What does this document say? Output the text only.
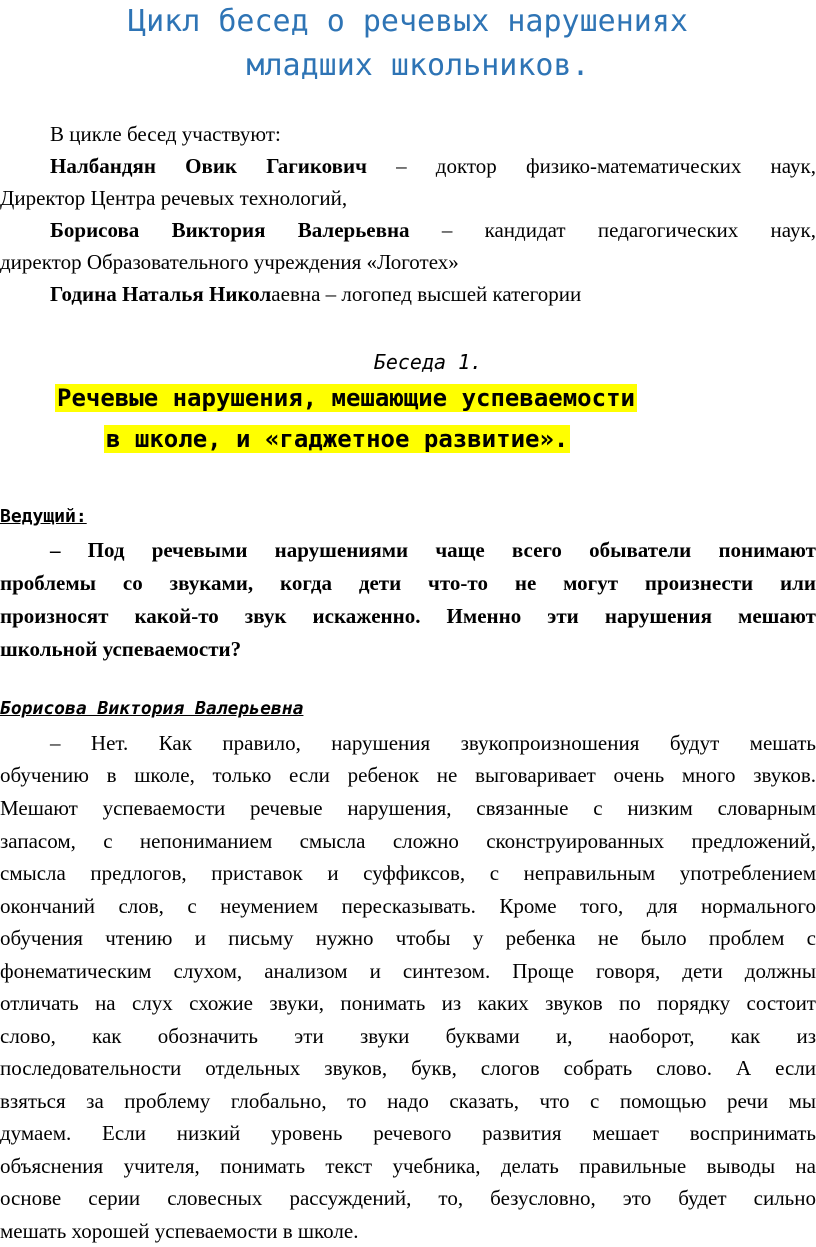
Цикл бесед о речевых нарушениях
младших школьников.
В цикле бесед участвуют:
Налбандян Овик Гагикович – доктор физико-математических наук,
Директор Центра речевых технологий,
Борисова Виктория Валерьевна – кандидат педагогических наук,
директор Образовательного учреждения «Логотех»
Година Наталья Николаевна – логопед высшей категории
Беседа 1.
Речевые нарушения, мешающие успеваемости
в школе, и «гаджетное развитие».
Ведущий:
– Под речевыми нарушениями чаще всего обыватели понимают
проблемы со звуками, когда дети что-то не могут произнести или
произносят какой-то звук искаженно. Именно эти нарушения мешают
школьной успеваемости?
Борисова Виктория Валерьевна
– Нет. Как правило, нарушения звукопроизношения будут мешать
обучению в школе, только если ребенок не выговаривает очень много звуков.
Мешают успеваемости речевые нарушения, связанные с низким словарным
запасом, с непониманием смысла сложно сконструированных предложений,
смысла предлогов, приставок и суффиксов, с неправильным употреблением
окончаний слов, с неумением пересказывать. Кроме того, для нормального
обучения чтению и письму нужно чтобы у ребенка не было проблем с
фонематическим слухом, анализом и синтезом. Проще говоря, дети должны
отличать на слух схожие звуки, понимать из каких звуков по порядку состоит
слово, как обозначить эти звуки буквами и, наоборот, как из
последовательности отдельных звуков, букв, слогов собрать слово. А если
взяться за проблему глобально, то надо сказать, что с помощью речи мы
думаем. Если низкий уровень речевого развития мешает воспринимать
объяснения учителя, понимать текст учебника, делать правильные выводы на
основе серии словесных рассуждений, то, безусловно, это будет сильно
мешать хорошей успеваемости в школе.
